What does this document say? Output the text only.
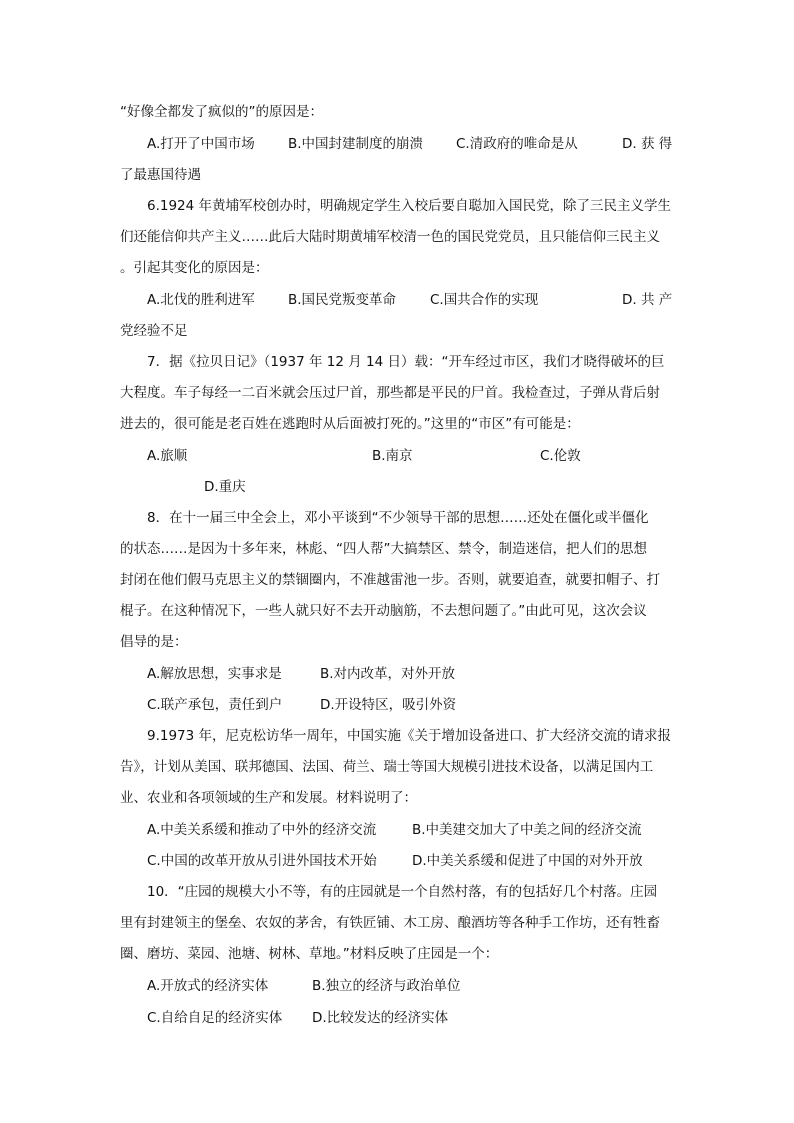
“好像全都发了疯似的”的原因是：
A.打开了中国市场 B.中国封建制度的崩溃 C.清政府的唯命是从	D. 获 得
了最惠国待遇
6.1924 年黄埔军校创办时，明确规定学生入校后要自聪加入国民党，除了三民主义学生
们还能信仰共产主义……此后大陆时期黄埔军校清一色的国民党党员，且只能信仰三民主义
。引起其变化的原因是：
A.北伐的胜利进军 B.国民党叛变革命	C.国共合作的实现	D. 共 产
党经验不足
7．据《拉贝日记》（1937 年 12 月 14 日）载：“开车经过市区，我们才晓得破坏的巨
大程度。车子每经一二百米就会压过尸首，那些都是平民的尸首。我检查过，子弹从背后射
进去的，很可能是老百姓在逃跑时从后面被打死的。”这里的“市区”有可能是：
A.旅顺	B.南京	C.伦敦
D.重庆
8．在十一届三中全会上，邓小平谈到“不少领导干部的思想……还处在僵化或半僵化
的状态……是因为十多年来，林彪、“四人帮”大搞禁区、禁令，制造迷信，把人们的思想
封闭在他们假马克思主义的禁锢圈内，不准越雷池一步。否则，就要追查，就要扣帽子、打
棍子。在这种情况下，一些人就只好不去开动脑筋，不去想问题了。”由此可见，这次会议
倡导的是：
A.解放思想，实事求是	B.对内改革，对外开放
C.联产承包，责任到户	D.开设特区，吸引外资
9.1973 年，尼克松访华一周年，中国实施《关于增加设备进口、扩大经济交流的请求报
告》，计划从美国、联邦德国、法国、荷兰、瑞士等国大规模引进技术设备，以满足国内工
业、农业和各项领域的生产和发展。材料说明了：
A.中美关系缓和推动了中外的经济交流	B.中美建交加大了中美之间的经济交流
C.中国的改革开放从引进外国技术开始	D.中美关系缓和促进了中国的对外开放
10．“庄园的规模大小不等，有的庄园就是一个自然村落，有的包括好几个村落。庄园
里有封建领主的堡垒、农奴的茅舍，有铁匠铺、木工房、酿酒坊等各种手工作坊，还有牲畜
圈、磨坊、菜园、池塘、树林、草地。”材料反映了庄园是一个：
A.开放式的经济实体	B.独立的经济与政治单位
C.自给自足的经济实体 D.比较发达的经济实体
